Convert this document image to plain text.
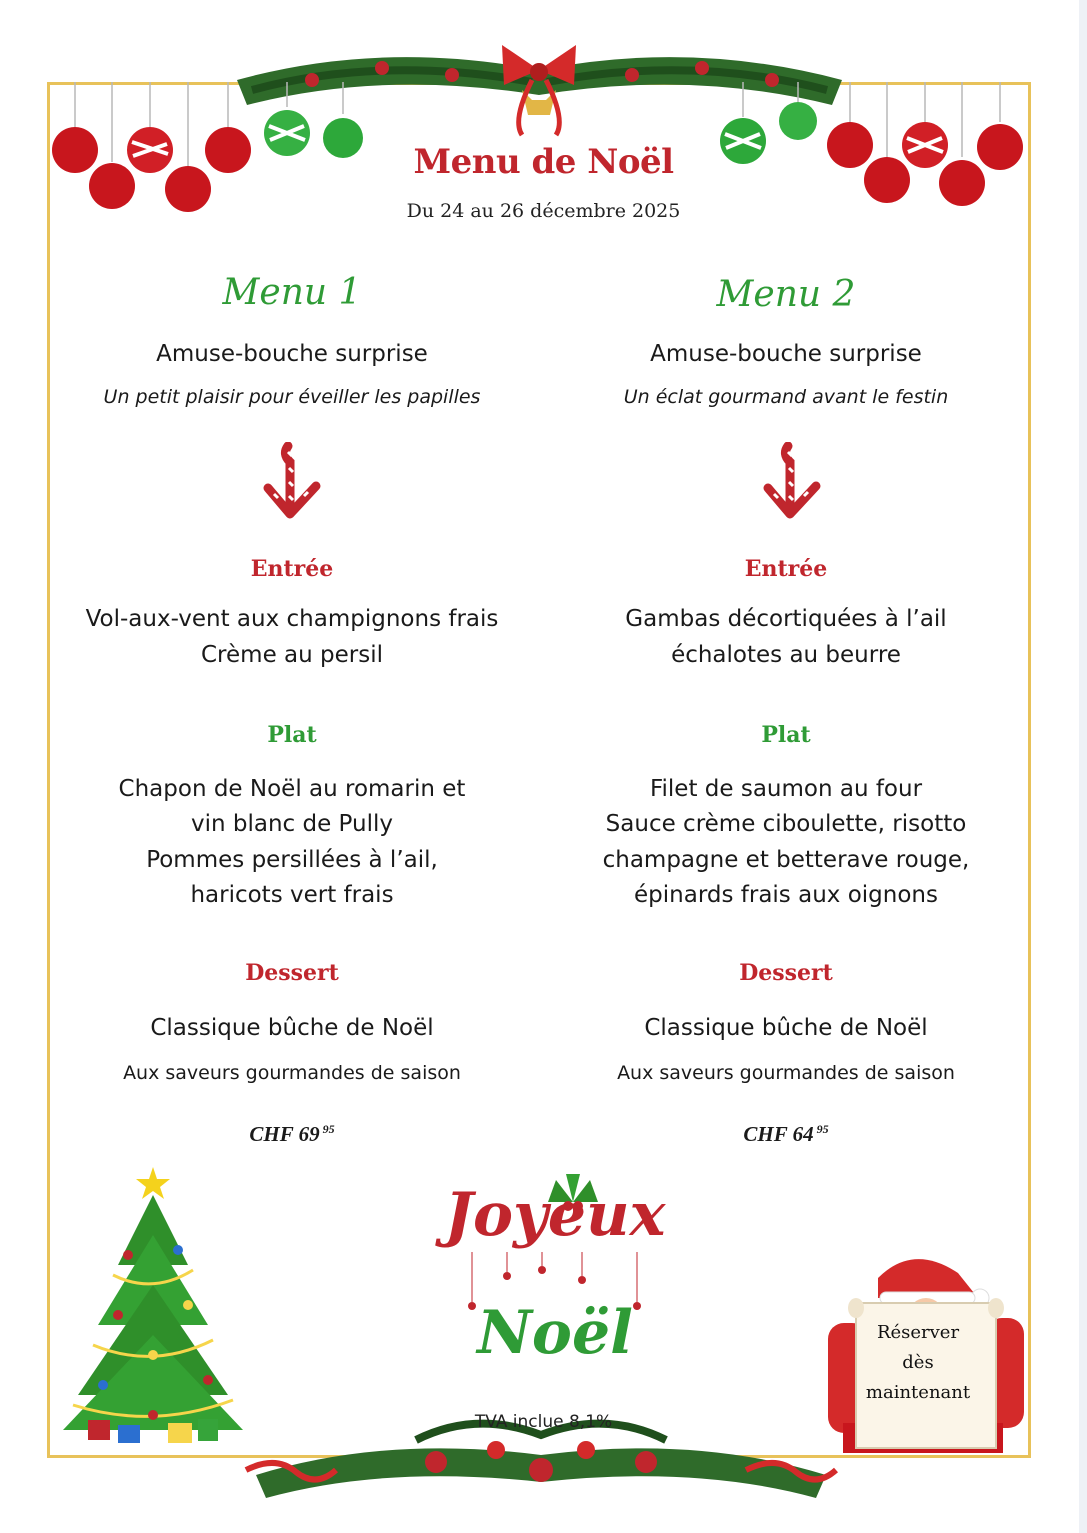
Menu de Noël
Du 24 au 26 décembre 2025
Menu 1
Amuse-bouche surprise
Un petit plaisir pour éveiller les papilles
Entrée
Vol-aux-vent aux champignons frais
Crème au persil
Plat
Chapon de Noël au romarin et
vin blanc de Pully
Pommes persillées à l’ail,
haricots vert frais
Dessert
Classique bûche de Noël
Aux saveurs gourmandes de saison
CHF 69 $^{95}$
Menu 2
Amuse-bouche surprise
Un éclat gourmand avant le festin
Entrée
Gambas décortiquées à l’ail
échalotes au beurre
Plat
Filet de saumon au four
Sauce crème ciboulette, risotto
champagne et betterave rouge,
épinards frais aux oignons
Dessert
Classique bûche de Noël
Aux saveurs gourmandes de saison
CHF 64 $^{95}$
Joyeux
Noël	Réserver
dès
maintenant
TVA inclue 8,1%
